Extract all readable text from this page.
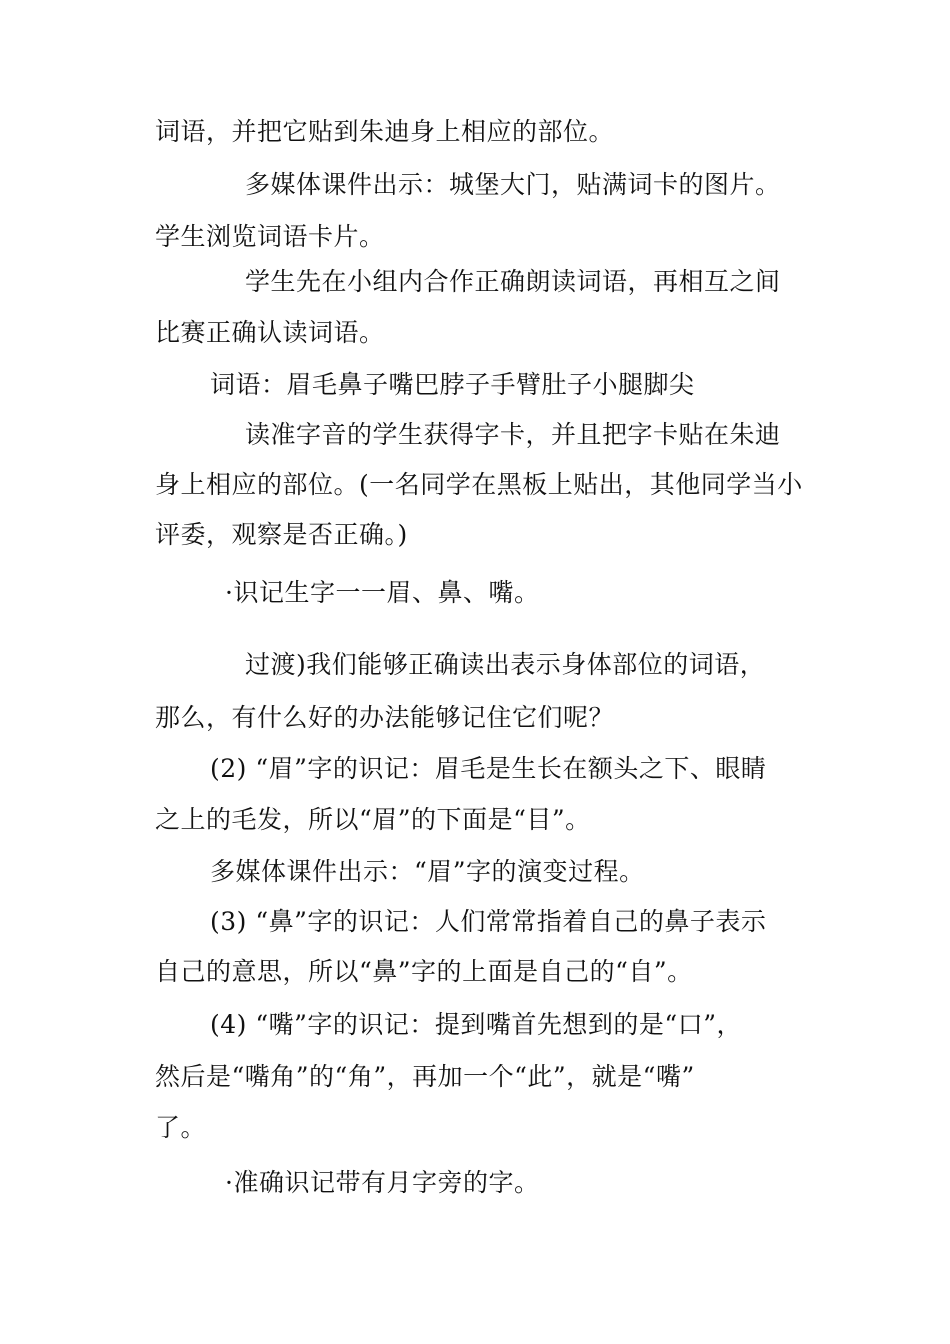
词语，并把它贴到朱迪身上相应的部位。
多媒体课件出示：城堡大门，贴满词卡的图片。
学生浏览词语卡片。
学生先在小组内合作正确朗读词语，再相互之间
比赛正确认读词语。
词语：眉毛鼻子嘴巴脖子手臂肚子小腿脚尖
读准字音的学生获得字卡，并且把字卡贴在朱迪
身上相应的部位。(一名同学在黑板上贴出，其他同学当小
评委，观察是否正确。)
·识记生字一一眉、鼻、嘴。
过渡)我们能够正确读出表示身体部位的词语，
那么，有什么好的办法能够记住它们呢？
(2) “眉”字的识记：眉毛是生长在额头之下、眼睛
之上的毛发，所以“眉”的下面是“目”。
多媒体课件出示：“眉”字的演变过程。
(3) “鼻”字的识记：人们常常指着自己的鼻子表示
自己的意思，所以“鼻”字的上面是自己的“自”。
(4) “嘴”字的识记：提到嘴首先想到的是“口”，
然后是“嘴角”的“角”，再加一个“此”，就是“嘴”
了。
·准确识记带有月字旁的字。
